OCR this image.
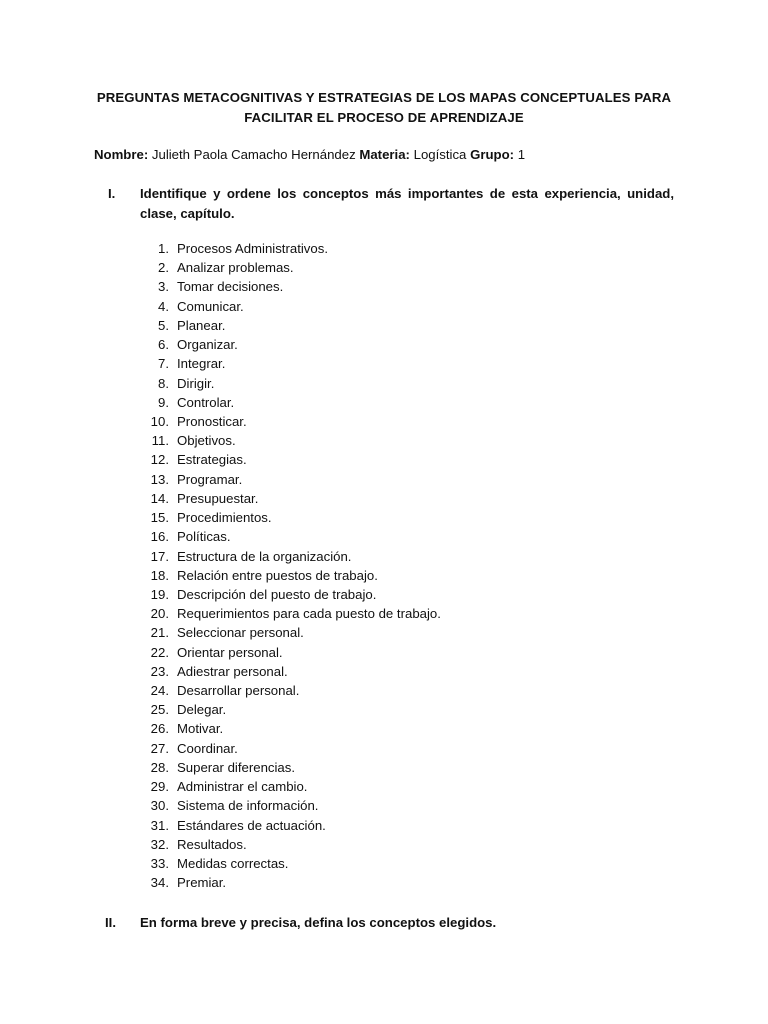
PREGUNTAS METACOGNITIVAS Y ESTRATEGIAS DE LOS MAPAS CONCEPTUALES PARA
FACILITAR EL PROCESO DE APRENDIZAJE
Nombre: Julieth Paola Camacho Hernández Materia: Logística Grupo: 1
I. Identifique y ordene los conceptos más importantes de esta experiencia, unidad, clase, capítulo.
1. Procesos Administrativos.
2. Analizar problemas.
3. Tomar decisiones.
4. Comunicar.
5. Planear.
6. Organizar.
7. Integrar.
8. Dirigir.
9. Controlar.
10. Pronosticar.
11. Objetivos.
12. Estrategias.
13. Programar.
14. Presupuestar.
15. Procedimientos.
16. Políticas.
17. Estructura de la organización.
18. Relación entre puestos de trabajo.
19. Descripción del puesto de trabajo.
20. Requerimientos para cada puesto de trabajo.
21. Seleccionar personal.
22. Orientar personal.
23. Adiestrar personal.
24. Desarrollar personal.
25. Delegar.
26. Motivar.
27. Coordinar.
28. Superar diferencias.
29. Administrar el cambio.
30. Sistema de información.
31. Estándares de actuación.
32. Resultados.
33. Medidas correctas.
34. Premiar.
II. En forma breve y precisa, defina los conceptos elegidos.
